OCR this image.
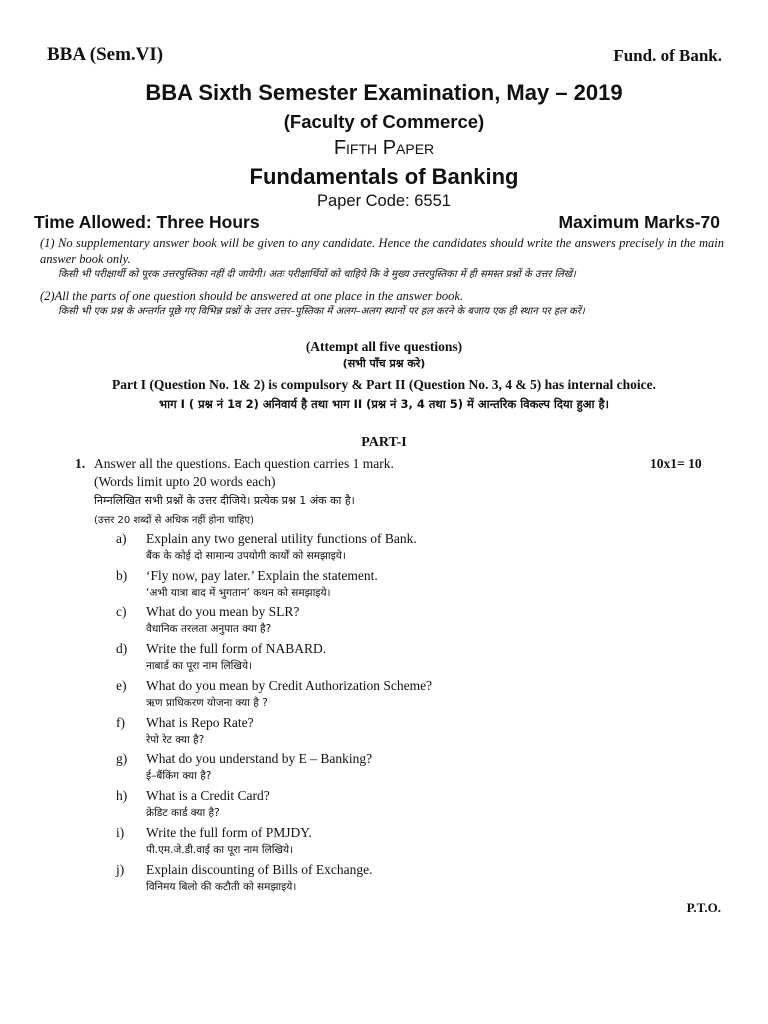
BBA (Sem.VI)	Fund. of Bank.
BBA Sixth Semester Examination, May – 2019
(Faculty of Commerce)
Fifth Paper
Fundamentals of Banking
Paper Code: 6551
Time Allowed: Three Hours	Maximum Marks-70
(1) No supplementary answer book will be given to any candidate. Hence the candidates should write the answers precisely in the main answer book only.
किसी भी परीक्षार्थी को पूरक उत्तरपुस्तिका नहीं दी जायेगी। अतः परीक्षार्थियों को चाहिये कि वे मुख्य उत्तरपुस्तिका में ही समस्त प्रश्नों के उत्तर लिखें।
(2)All the parts of one question should be answered at one place in the answer book.
किसी भी एक प्रश्न के अन्तर्गत पूछे गए विभिन्न प्रश्नों के उत्तर उत्तर–पुस्तिका में अलग–अलग स्थानों पर हल करने के बजाय एक ही स्थान पर हल करें।
(Attempt all five questions)
(सभी पाँच प्रश्न करे)
Part I (Question No. 1& 2) is compulsory & Part II (Question No. 3, 4 & 5) has internal choice.
भाग I ( प्रश्न नं 1व 2) अनिवार्य है तथा भाग II (प्रश्न नं 3, 4 तथा 5) में आन्तरिक विकल्प दिया हुआ है।
PART-I
1. Answer all the questions. Each question carries 1 mark.	10x1= 10
(Words limit upto 20 words each)
निम्नलिखित सभी प्रश्नों के उत्तर दीजिये। प्रत्येक प्रश्न 1 अंक का है।
(उत्तर 20 शब्दों से अधिक नहीं होना चाहिए)
a) Explain any two general utility functions of Bank.
बैंक के कोई दो सामान्य उपयोगी कार्यों को समझाइये।
b) ‘Fly now, pay later.’ Explain the statement.
‘अभी यात्रा बाद में भुगतान’ कथन को समझाइये।
c) What do you mean by SLR?
वैधानिक तरलता अनुपात क्या है?
d) Write the full form of NABARD.
नाबार्ड का पूरा नाम लिखिये।
e) What do you mean by Credit Authorization Scheme?
ऋण प्राधिकरण योजना क्या है ?
f) What is Repo Rate?
रेपो रेट क्या है?
g) What do you understand by E – Banking?
ई–बैंकिंग क्या है?
h) What is a Credit Card?
क्रेडिट कार्ड क्या है?
i) Write the full form of PMJDY.
पी.एम.जे.डी.वाई का पूरा नाम लिखिये।
j) Explain discounting of Bills of Exchange.
विनिमय बिलो की कटौती को समझाइये।
P.T.O.
